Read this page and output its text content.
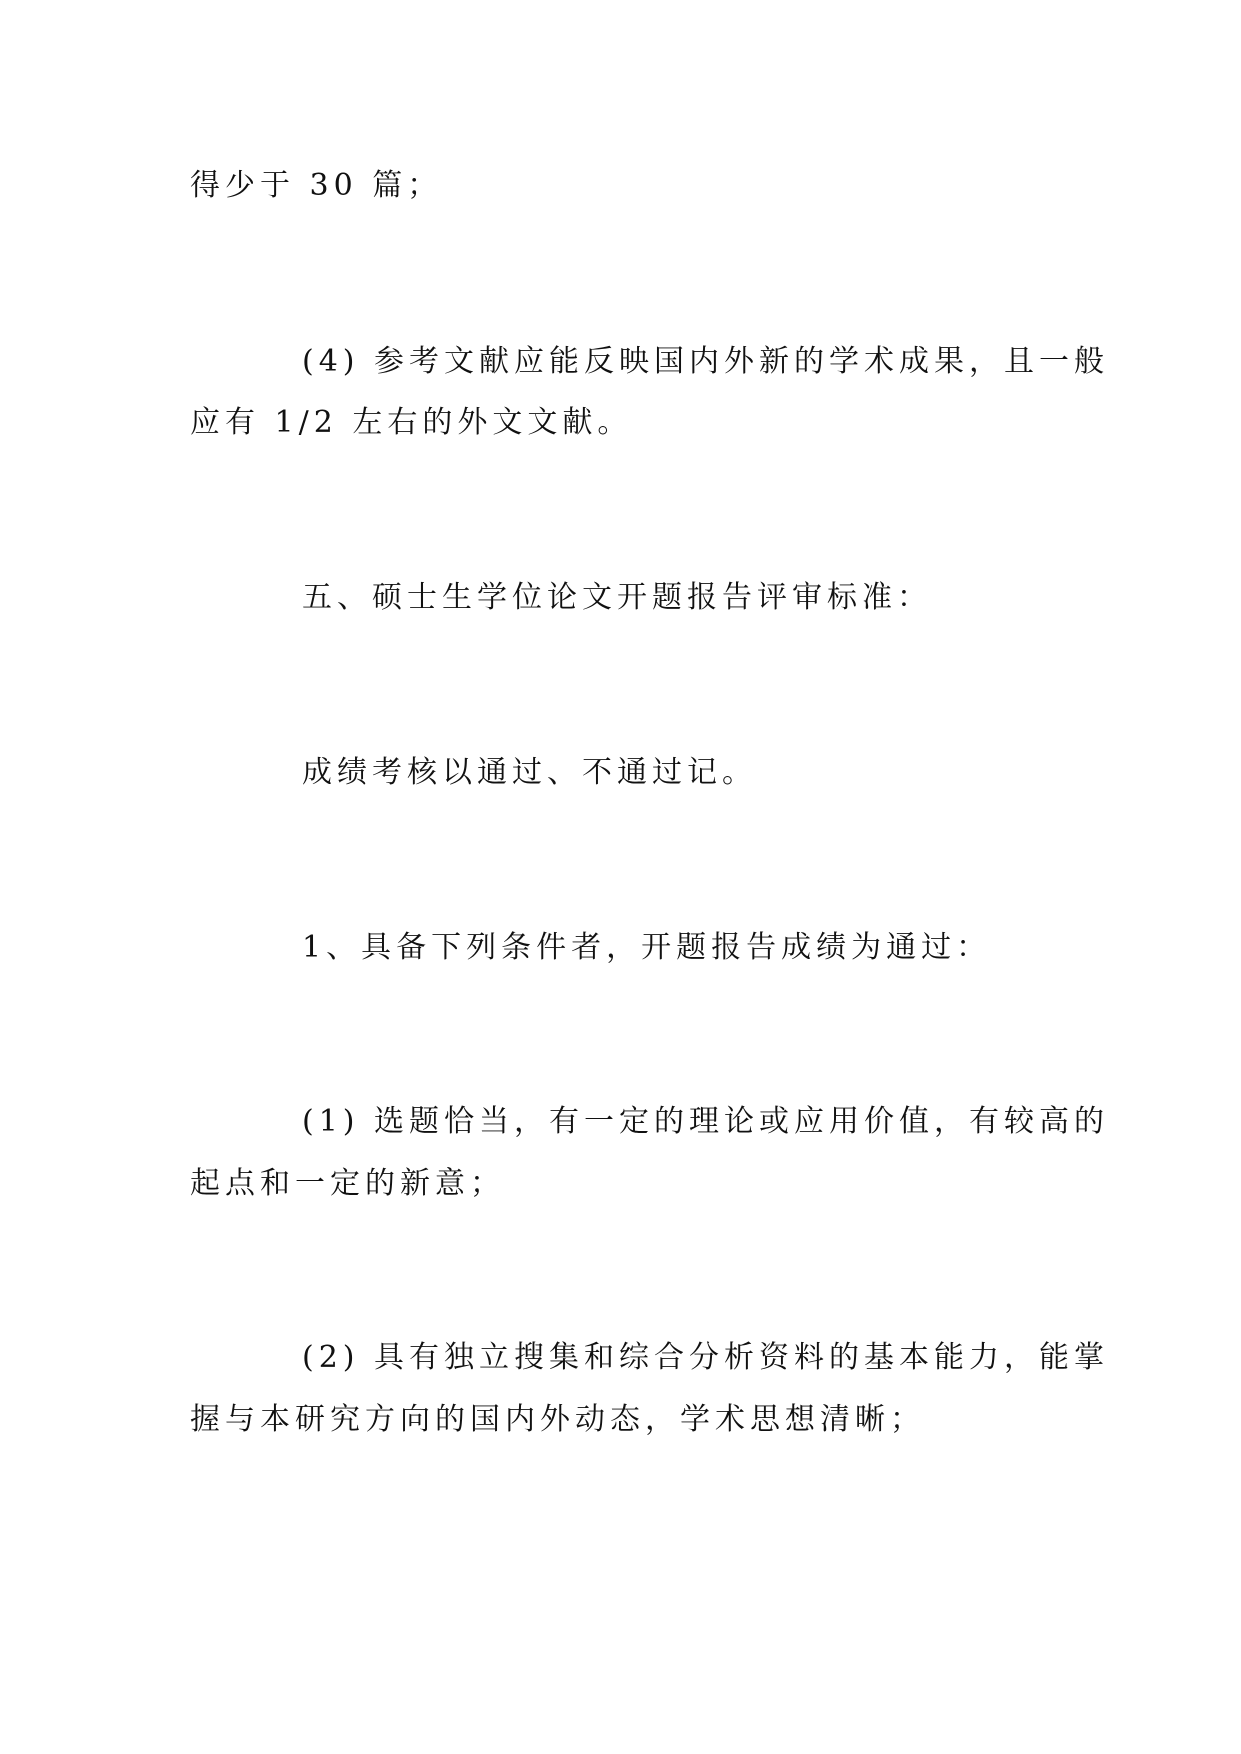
得少于 30 篇；
(4) 参考文献应能反映国内外新的学术成果，且一般
应有 1/2 左右的外文文献。
五、硕士生学位论文开题报告评审标准：
成绩考核以通过、不通过记。
1、具备下列条件者，开题报告成绩为通过：
(1) 选题恰当，有一定的理论或应用价值，有较高的
起点和一定的新意；
(2) 具有独立搜集和综合分析资料的基本能力，能掌
握与本研究方向的国内外动态，学术思想清晰；
